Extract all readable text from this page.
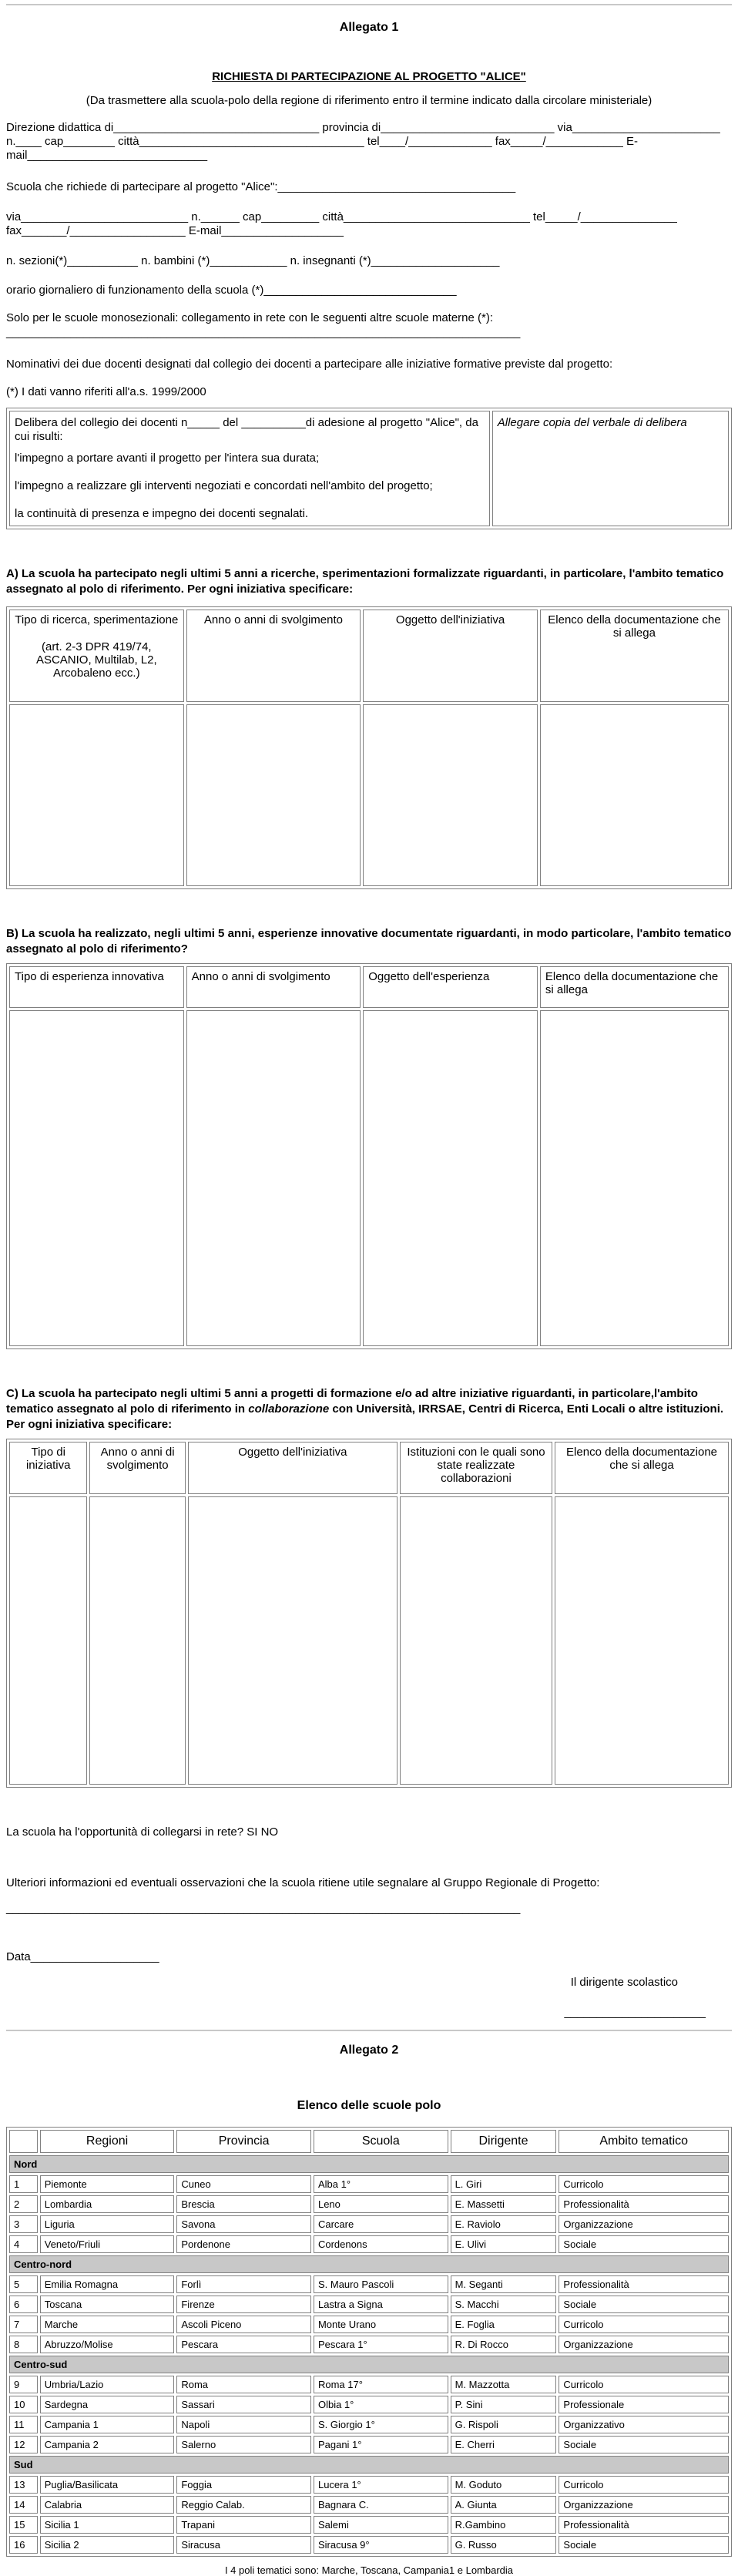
Allegato 1
RICHIESTA DI PARTECIPAZIONE AL PROGETTO "ALICE"
(Da trasmettere alla scuola-polo della regione di riferimento entro il termine indicato dalla circolare ministeriale)

Direzione didattica di________________________________ provincia di___________________________ via_______________________

n.____ cap________ città___________________________________ tel____/_____________ fax_____/____________ E-

mail____________________________

Scuola che richiede di partecipare al progetto "Alice":_____________________________________

via__________________________ n.______ cap_________ città_____________________________ tel_____/_______________

fax_______/__________________ E-mail___________________

n. sezioni(*)___________ n. bambini (*)____________ n. insegnanti (*)____________________

orario giornaliero di funzionamento della scuola (*)______________________________

Solo per le scuole monosezionali: collegamento in rete con le seguenti altre scuole materne (*):

________________________________________________________________________________

Nominativi dei due docenti designati dal collegio dei docenti a partecipare alle iniziative formative previste dal progetto:

(*) I dati vanno riferiti all'a.s. 1999/2000

Delibera del collegio dei docenti n_____ del __________di adesione al progetto "Alice", da cui risulti:

l'impegno a portare avanti il progetto per l'intera sua durata;

l'impegno a realizzare gli interventi negoziati e concordati nell'ambito del progetto;

la continuità di presenza e impegno dei docenti segnalati.

	Allegare copia del verbale di delibera
A) La scuola ha partecipato negli ultimi 5 anni a ricerche, sperimentazioni formalizzate riguardanti, in particolare, l'ambito tematico assegnato al polo di riferimento. Per ogni iniziativa specificare:
Tipo di ricerca, sperimentazione
(art. 2-3 DPR 419/74, ASCANIO, Multilab, L2, Arcobaleno ecc.)	Anno o anni di svolgimento	Oggetto dell'iniziativa	Elenco della documentazione che si allega

B) La scuola ha realizzato, negli ultimi 5 anni, esperienze innovative documentate riguardanti, in modo particolare, l'ambito tematico assegnato al polo di riferimento?
Tipo di esperienza innovativa	Anno o anni di svolgimento	Oggetto dell'esperienza	Elenco della documentazione che si allega

C) La scuola ha partecipato negli ultimi 5 anni a progetti di formazione e/o ad altre iniziative riguardanti, in particolare,l'ambito tematico assegnato al polo di riferimento in collaborazione con Università, IRRSAE, Centri di Ricerca, Enti Locali o altre istituzioni. Per ogni iniziativa specificare:
Tipo di iniziativa	Anno o anni di svolgimento	Oggetto dell'iniziativa	Istituzioni con le quali sono state realizzate collaborazioni	Elenco della documentazione che si allega

La scuola ha l'opportunità di collegarsi in rete? SI NO

Ulteriori informazioni ed eventuali osservazioni che la scuola ritiene utile segnalare al Gruppo Regionale di Progetto:

________________________________________________________________________________

Data____________________

Il dirigente scolastico
______________________
Allegato 2
Elenco delle scuole polo
	Regioni	Provincia	Scuola	Dirigente	Ambito tematico
Nord					
1	Piemonte	Cuneo	Alba 1°	L. Giri	Curricolo
2	Lombardia	Brescia	Leno	E. Massetti	Professionalità
3	Liguria	Savona	Carcare	E. Raviolo	Organizzazione
4	Veneto/Friuli	Pordenone	Cordenons	E. Ulivi	Sociale
Centro-nord					
5	Emilia Romagna	Forlì	S. Mauro Pascoli	M. Seganti	Professionalità
6	Toscana	Firenze	Lastra a Signa	S. Macchi	Sociale
7	Marche	Ascoli Piceno	Monte Urano	E. Foglia	Curricolo
8	Abruzzo/Molise	Pescara	Pescara 1°	R. Di Rocco	Organizzazione
Centro-sud					
9	Umbria/Lazio	Roma	Roma 17°	M. Mazzotta	Curricolo
10	Sardegna	Sassari	Olbia 1°	P. Sini	Professionale
11	Campania 1	Napoli	S. Giorgio 1°	G. Rispoli	Organizzativo
12	Campania 2	Salerno	Pagani 1°	E. Cherri	Sociale
Sud					
13	Puglia/Basilicata	Foggia	Lucera 1°	M. Goduto	Curricolo
14	Calabria	Reggio Calab.	Bagnara C.	A. Giunta	Organizzazione
15	Sicilia 1	Trapani	Salemi	R.Gambino	Professionalità
16	Sicilia 2	Siracusa	Siracusa 9°	G. Russo	Sociale
I 4 poli tematici sono: Marche, Toscana, Campania1 e Lombardia
